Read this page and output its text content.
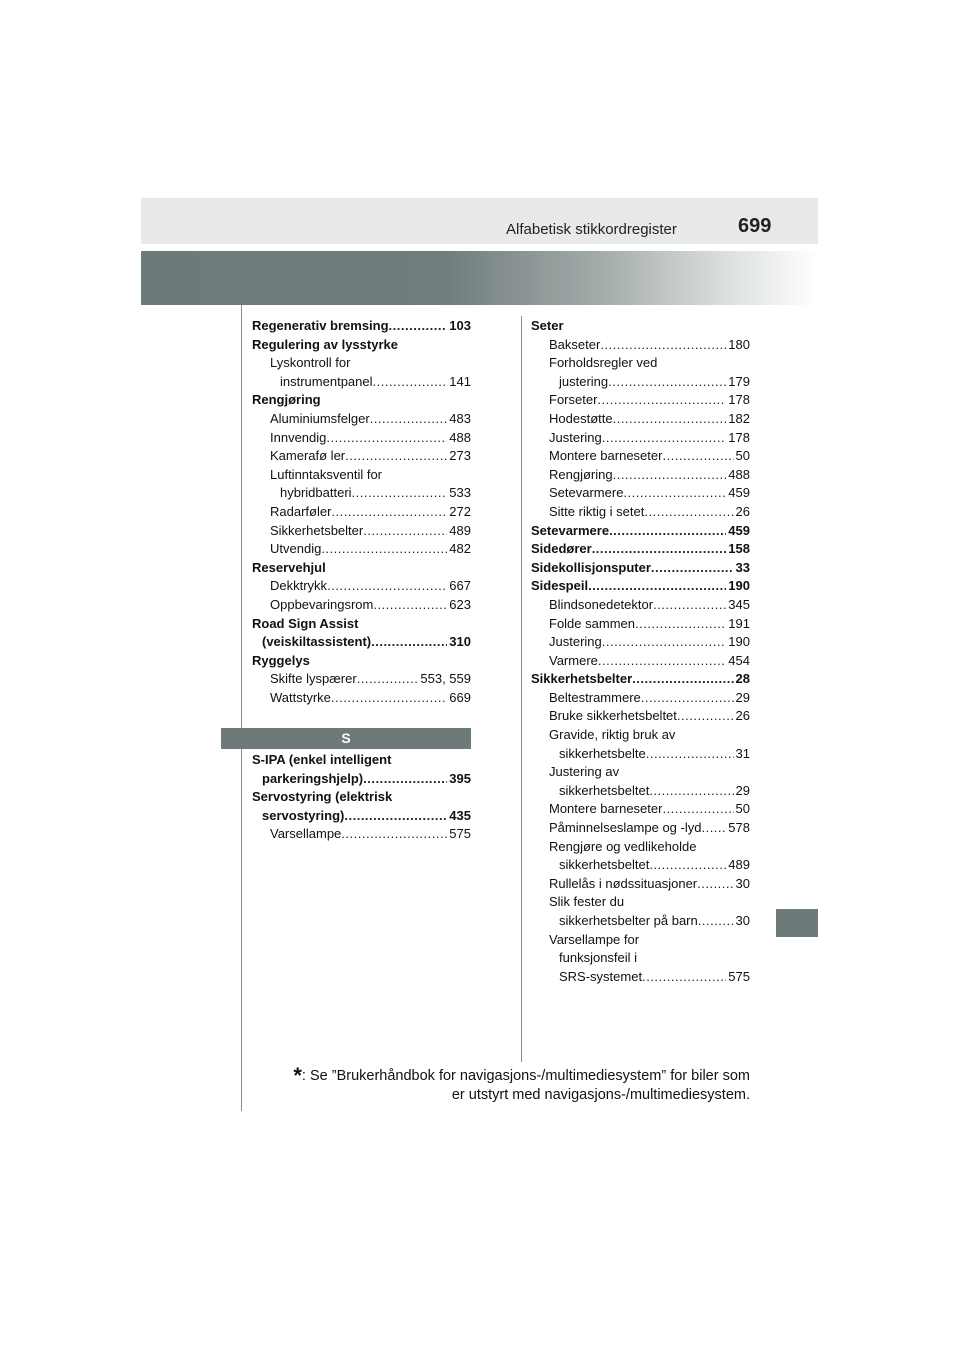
Alfabetisk stikkordregister	699
Regenerativ bremsing .....	103
Regulering av lysstyrke
Lyskontroll for
instrumentpanel .....	141
Rengjøring
Aluminiumsfelger .....	483
Innvendig .....	488
Kamerafø ler .....	273
Luftinntaksventil for
hybridbatteri .....	533
Radarføler .....	272
Sikkerhetsbelter .....	489
Utvendig .....	482
Reservehjul
Dekktrykk .....	667
Oppbevaringsrom .....	623
Road Sign Assist
(veiskiltassistent) .....	310
Ryggelys
Skifte lyspærer .....	553, 559
Wattstyrke .....	669
S
S-IPA (enkel intelligent
parkeringshjelp) .....	395
Servostyring (elektrisk
servostyring) .....	435
Varsellampe .....	575
Seter
Bakseter .....	180
Forholdsregler ved
justering .....	179
Forseter .....	178
Hodestøtte .....	182
Justering .....	178
Montere barneseter .....	50
Rengjøring .....	488
Setevarmere .....	459
Sitte riktig i setet .....	26
Setevarmere .....	459
Sidedører .....	158
Sidekollisjonsputer .....	33
Sidespeil .....	190
Blindsonedetektor .....	345
Folde sammen .....	191
Justering .....	190
Varmere .....	454
Sikkerhetsbelter .....	28
Beltestrammere .....	29
Bruke sikkerhetsbeltet .....	26
Gravide, riktig bruk av
sikkerhetsbelte .....	31
Justering av
sikkerhetsbeltet .....	29
Montere barneseter .....	50
Påminnelseslampe og -lyd ..... 578
Rengjøre og vedlikeholde
sikkerhetsbeltet .....	489
Rullelås i nødssituasjoner .....	30
Slik fester du
sikkerhetsbelter på barn .....	30
Varsellampe for
funksjonsfeil i
SRS-systemet .....	575
*: Se ”Brukerhåndbok for navigasjons-/multimediesystem” for biler som
er utstyrt med navigasjons-/multimediesystem.
